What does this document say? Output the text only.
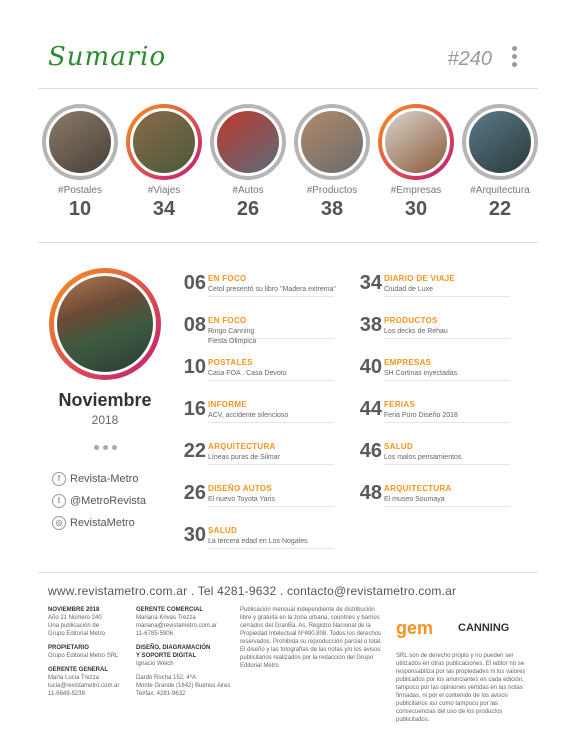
Sumario	#240
#Postales
10
#Viajes
34
#Autos
26
#Productos
38
#Empresas
30
#Arquitectura
22
Noviembre
2018
f Revista-Metro
t @MetroRevista
◎ RevistaMetro
06 EN FOCO
Cetol presentó su libro "Madera extrema"
08 EN FOCO
Ringo Canning
Fiesta Olimpica
10 POSTALES
Casa FOA . Casa Devoto
16 INFORME
ACV, accidente silencioso
22 ARQUITECTURA
Líneas puras de Silmar
26 DISEÑO AUTOS
El nuevo Toyota Yaris
30 SALUD
La tercera edad en Los Nogales
34 DIARIO DE VIAJE
Ciudad de Luxe
38 PRODUCTOS
Los decks de Rehau
40 EMPRESAS
SH Cortinas inyectadas
44 FERIAS
Feria Puro Diseño 2018
46 SALUD
Los malos pensamientos
48 ARQUITECTURA
El museo Soumaya
www.revistametro.com.ar . Tel 4281-9632 . contacto@revistametro.com.ar
NOVIEMBRE 2018
Año 21 Número 240
Una publicación de
Grupo Editorial Metro
PROPIETARIO
Grupo Editorial Metro SRL
GERENTE GENERAL
María Lucia Trezza
lucia@revistametro.com.ar
11-6849-5238
GERENTE COMERCIAL
Mariana Krivas Trezza
mariana@revistametro.com.ar
11-6785-5906
DISEÑO, DIAGRAMACIÓN
Y SOPORTE DIGITAL
Ignacio Welch
Dardo Rocha 152, 4ºA
Monte Grande (1842) Buenos Aires
Tel/fax: 4281-9632
Publicación mensual independiente de distribución libre y gratuita en la zona urbana, countries y barrios cerrados del GranBa. As. Registro Nacional de la Propiedad Intelectual Nº490.808. Todos los derechos reservados. Prohibida su reproducción parcial o total. El diseño y las fotografías de las notas y/o los avisos publicitarios realizados por la redacción del Grupo Editorial Metro
SRL son de derecho propio y no pueden ser utilizados en otras publicaciones. El editor no se responsabiliza por las propiedades ni los valores publicados por los anunciantes en cada edición, tampoco por las opiniones vertidas en las notas firmadas, ni por el contenido de los avisos publicitarios así como tampoco por las consecuencias del uso de los productos publicitados.
gem CANNING
